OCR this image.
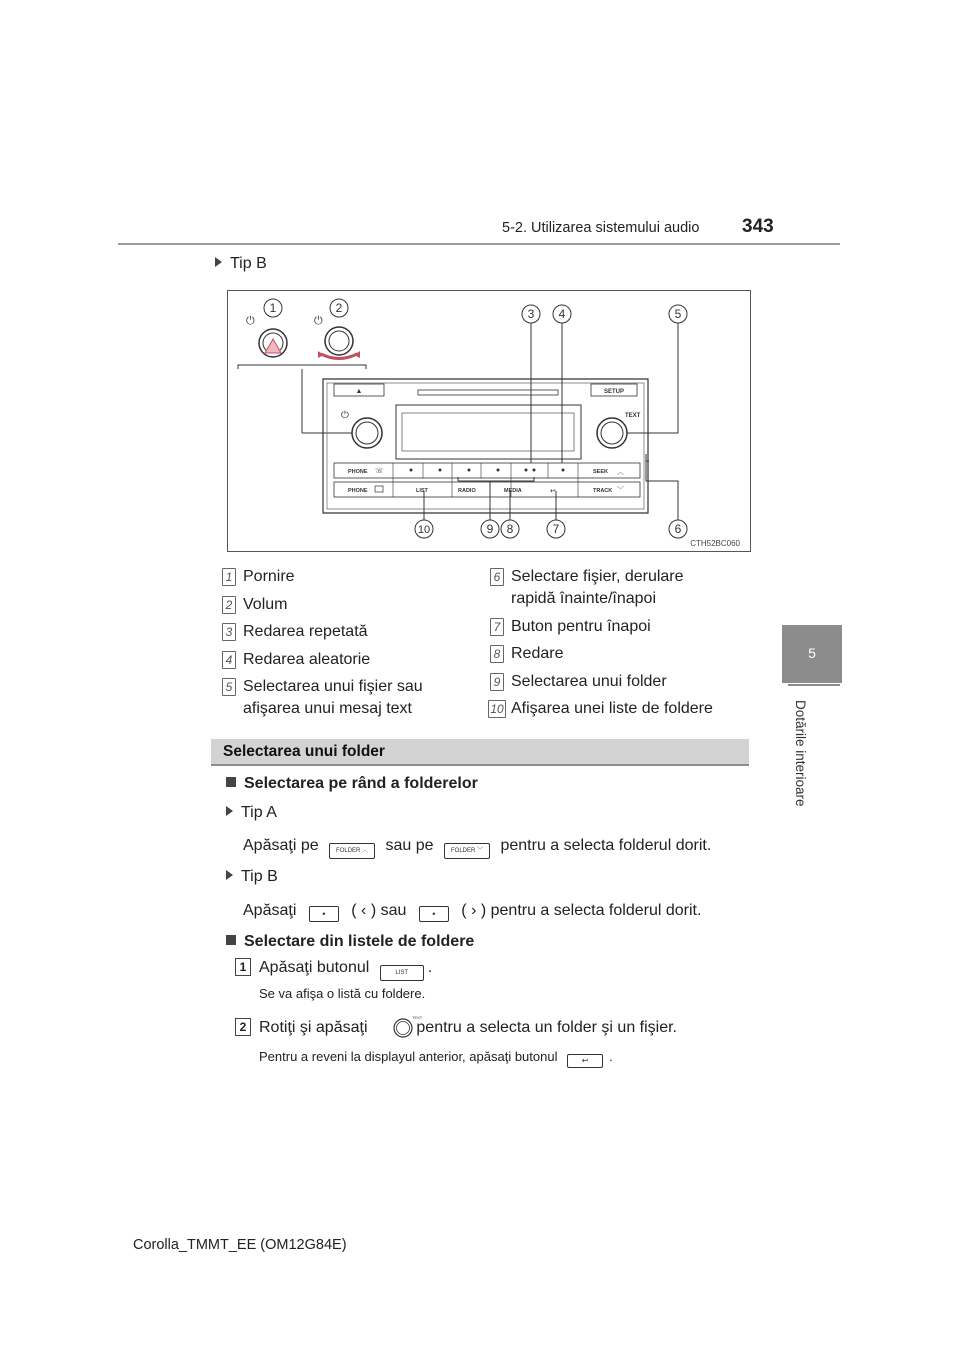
5-2. Utilizarea sistemului audio 343
5
Dotările interioare
Tip B
⏻	⏻
▲	SETUP
⏻	TEXT
PHONE ☏	SEEK ︿
PHONE	LIST	RADIO	MEDIA	↩	TRACK ﹀
1	2	3 4	5
10	9 8	7	6
CTH52BC060
1 Pornire
2 Volum
3 Redarea repetată
4 Redarea aleatorie
5 Selectarea unui fişier sau
afişarea unui mesaj text
6 Selectare fişier, derulare
rapidă înainte/înapoi
7 Buton pentru înapoi
8 Redare
9 Selectarea unui folder
10 Afişarea unei liste de foldere
Selectarea unui folder
Selectarea pe rând a folderelor
Tip A
Apăsaţi pe	FOLDER ︿ sau pe	FOLDER ﹀ pentru a selecta folderul dorit.
Tip B
Apăsaţi	• ( ‹ ) sau	• ( › ) pentru a selecta folderul dorit.
Selectare din listele de foldere
1 Apăsaţi butonul	LIST .
Se va afişa o listă cu foldere.
2 Rotiţi şi apăsaţi	pentru a selecta un folder şi un fişier.
TEXT
Pentru a reveni la displayul anterior, apăsaţi butonul	↩ .
Corolla_TMMT_EE (OM12G84E)
